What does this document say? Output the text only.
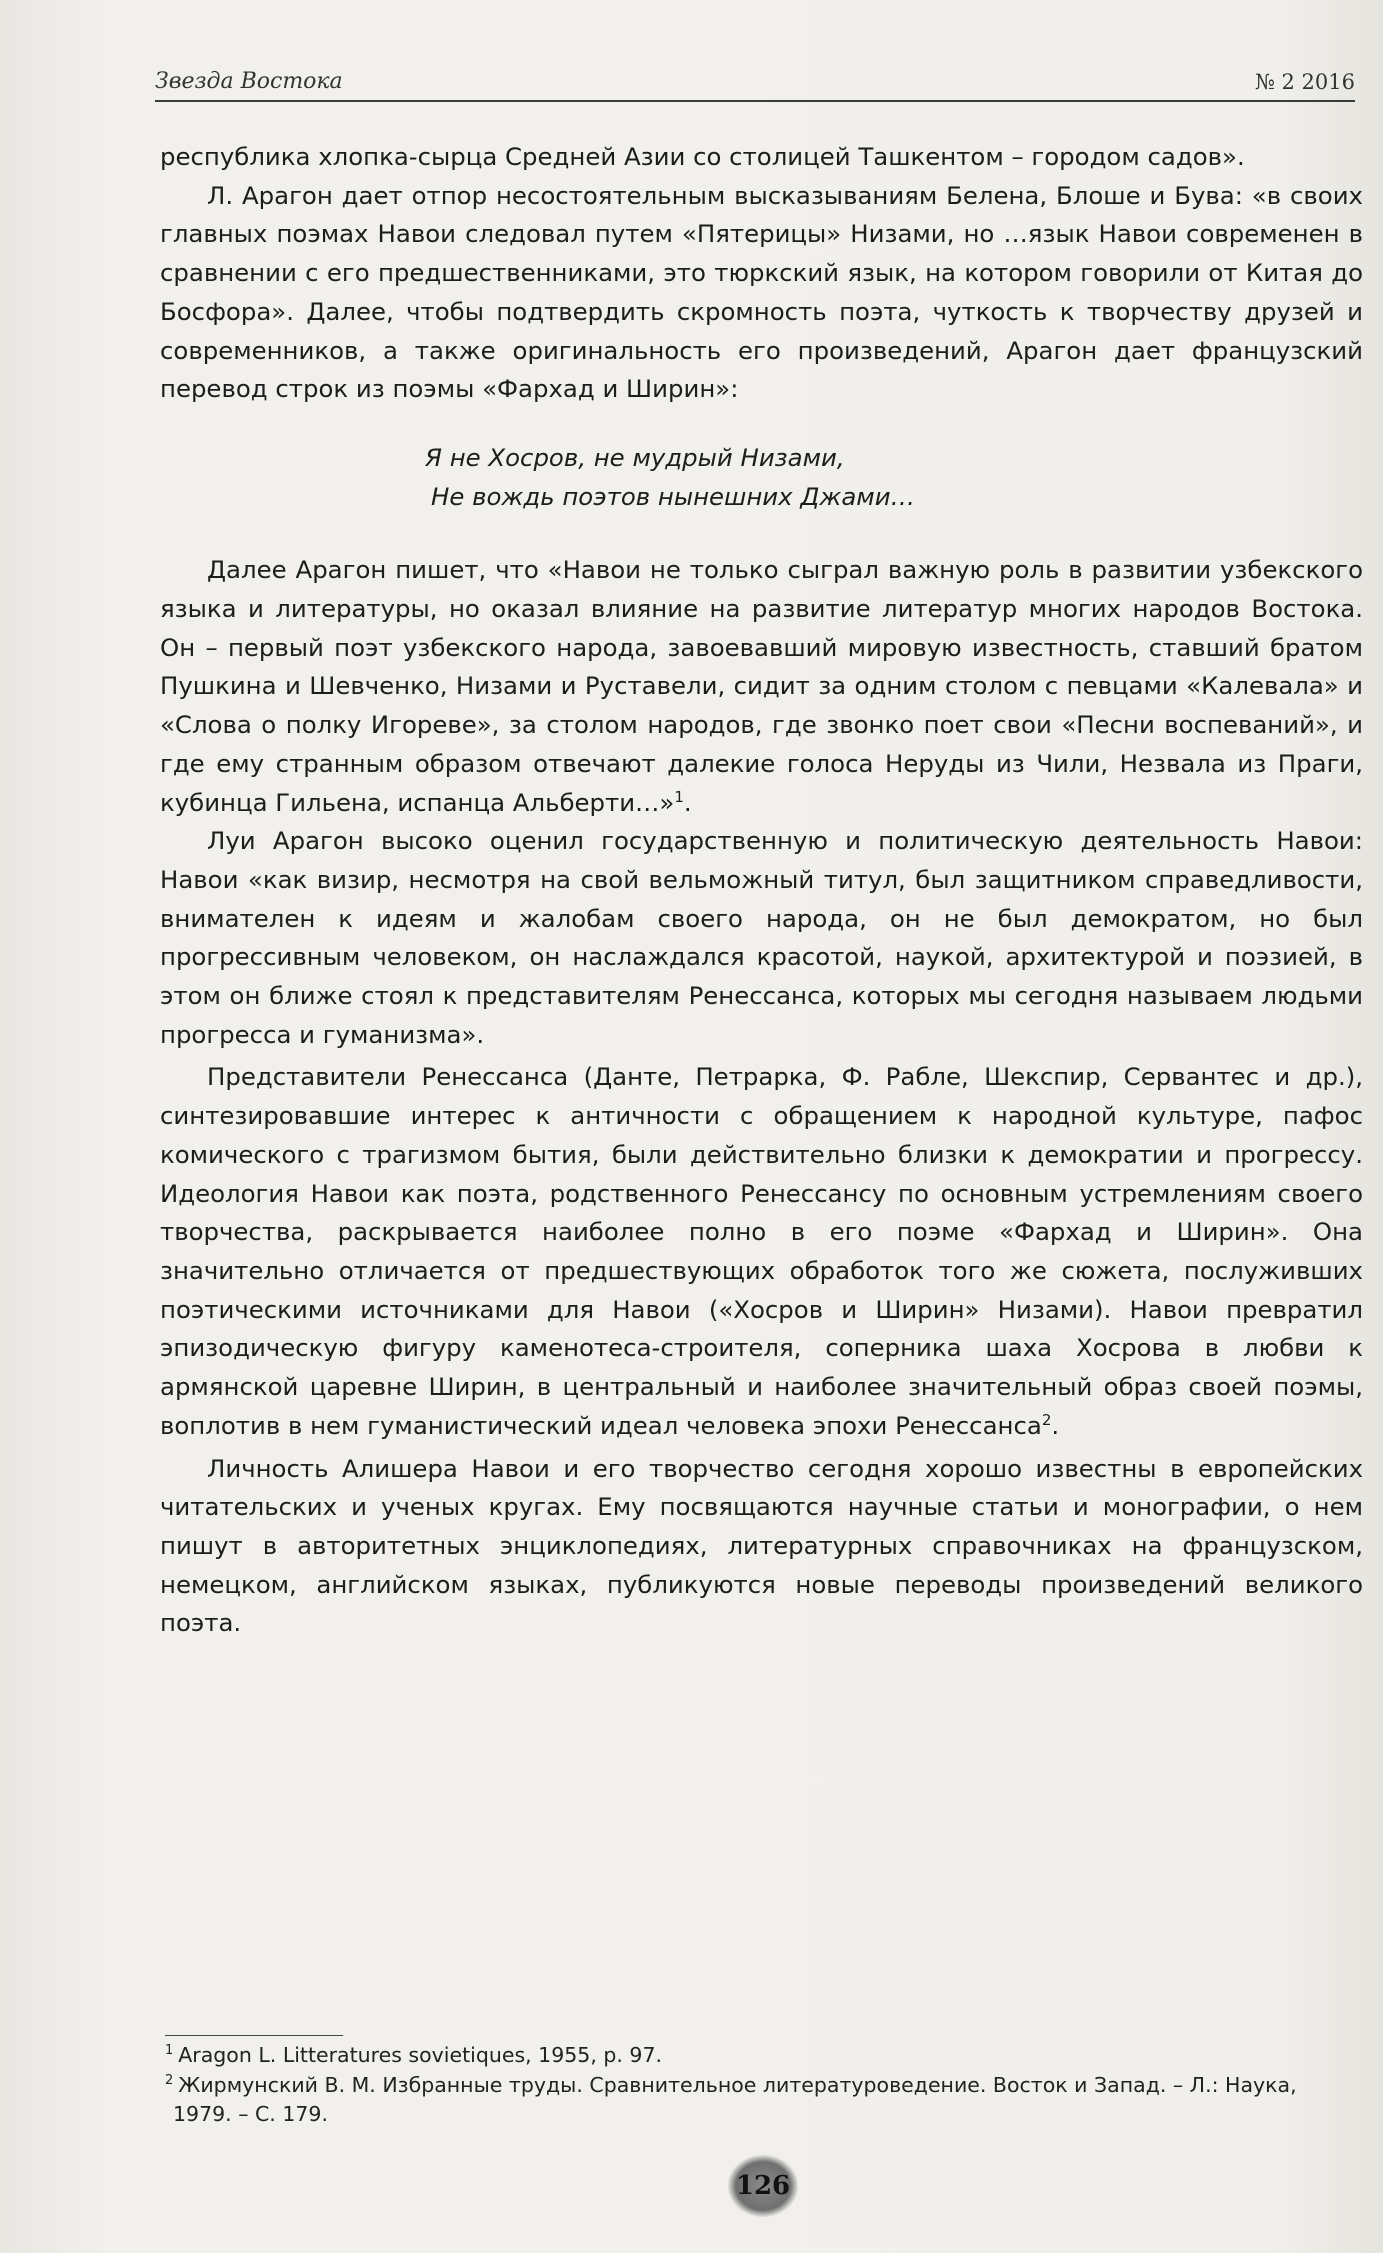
Звезда Востока	№ 2 2016

республика хлопка-сырца Средней Азии со столицей Ташкентом – городом садов».

Л. Арагон дает отпор несостоятельным высказываниям Белена, Блоше и Бува: «в своих главных поэмах Навои следовал путем «Пятерицы» Низами, но …язык Навои современен в сравнении с его предшественниками, это тюркский язык, на котором говорили от Китая до Босфора». Далее, чтобы подтвердить скромность поэта, чуткость к творчеству друзей и современников, а также оригинальность его произведений, Арагон дает французский перевод строк из поэмы «Фархад и Ширин»:

Я не Хосров, не мудрый Низами,
Не вождь поэтов нынешних Джами…

Далее Арагон пишет, что «Навои не только сыграл важную роль в развитии узбекского языка и литературы, но оказал влияние на развитие литератур многих народов Востока. Он – первый поэт узбекского народа, завоевавший мировую известность, ставший братом Пушкина и Шевченко, Низами и Руставели, сидит за одним столом с певцами «Калевала» и «Слова о полку Игореве», за столом народов, где звонко поет свои «Песни воспеваний», и где ему странным образом отвечают далекие голоса Неруды из Чили, Незвала из Праги, кубинца Гильена, испанца Альберти…»$^1$.

Луи Арагон высоко оценил государственную и политическую деятельность Навои: Навои «как визир, несмотря на свой вельможный титул, был защитником справедливости, внимателен к идеям и жалобам своего народа, он не был демократом, но был прогрессивным человеком, он наслаждался красотой, наукой, архитектурой и поэзией, в этом он ближе стоял к представителям Ренессанса, которых мы сегодня называем людьми прогресса и гуманизма».

Представители Ренессанса (Данте, Петрарка, Ф. Рабле, Шекспир, Сервантес и др.), синтезировавшие интерес к античности с обращением к народной культуре, пафос комического с трагизмом бытия, были действительно близки к демократии и прогрессу. Идеология Навои как поэта, родственного Ренессансу по основным устремлениям своего творчества, раскрывается наиболее полно в его поэме «Фархад и Ширин». Она значительно отличается от предшествующих обработок того же сюжета, послуживших поэтическими источниками для Навои («Хосров и Ширин» Низами). Навои превратил эпизодическую фигуру каменотеса-строителя, соперника шаха Хосрова в любви к армянской царевне Ширин, в центральный и наиболее значительный образ своей поэмы, воплотив в нем гуманистический идеал человека эпохи Ренессанса$^2$.

Личность Алишера Навои и его творчество сегодня хорошо известны в европейских читательских и ученых кругах. Ему посвящаются научные статьи и монографии, о нем пишут в авторитетных энциклопедиях, литературных справочниках на французском, немецком, английском языках, публикуются новые переводы произведений великого поэта.

$^1$ Aragon L. Litteratures sovietiques, 1955, p. 97.

$^2$ Жирмунский В. М. Избранные труды. Сравнительное литературоведение. Восток и Запад. – Л.: Наука,
1979. – С. 179.

126
